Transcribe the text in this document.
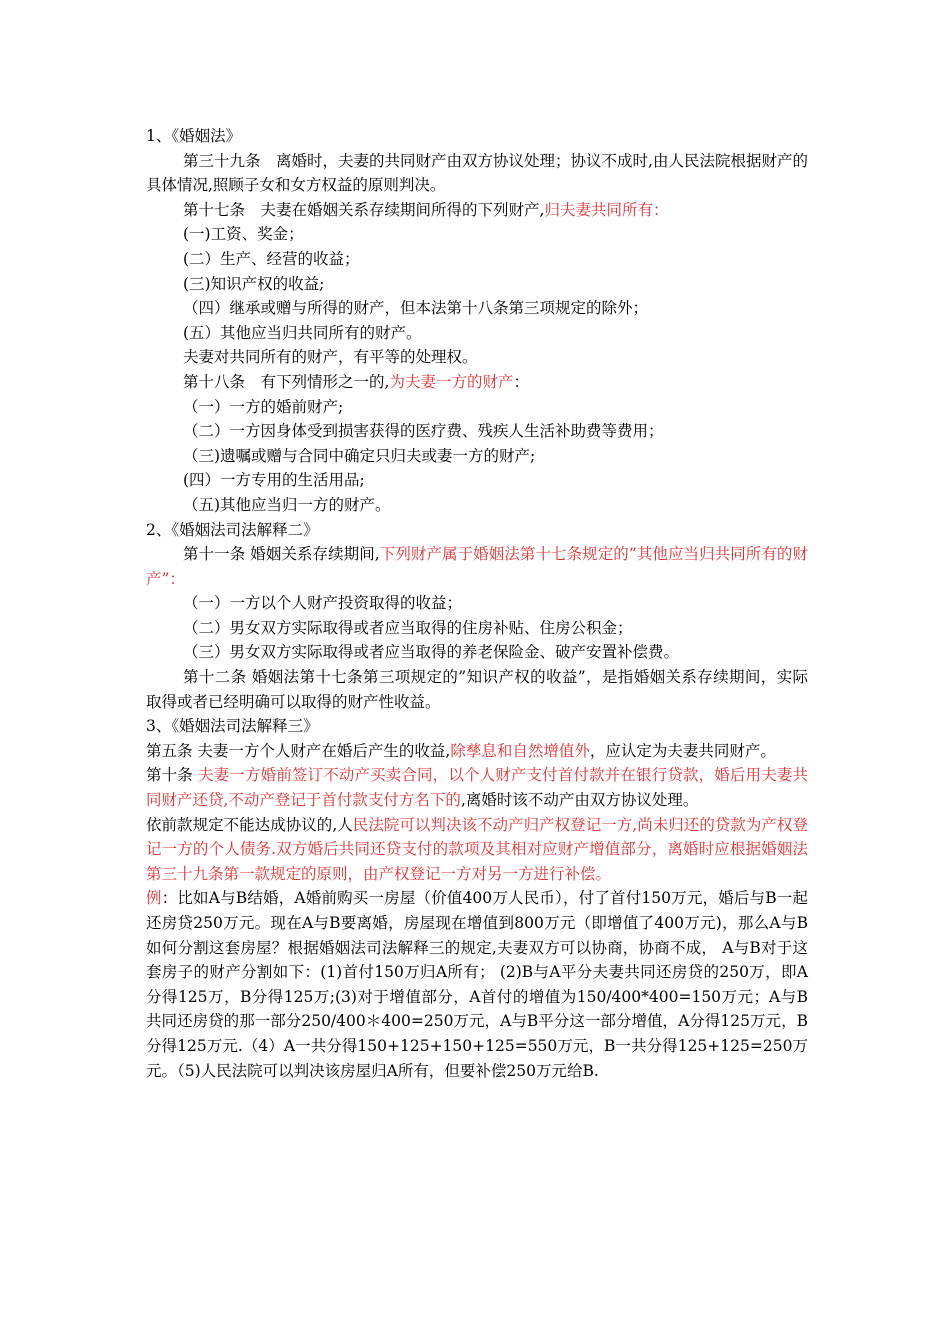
1、《婚姻法》

第三十九条　离婚时，夫妻的共同财产由双方协议处理；协议不成时,由人民法院根据财产的具体情况,照顾子女和女方权益的原则判决。

第十七条　夫妻在婚姻关系存续期间所得的下列财产,归夫妻共同所有：

(一)工资、奖金；

(二）生产、经营的收益；

(三)知识产权的收益;

（四）继承或赠与所得的财产，但本法第十八条第三项规定的除外；

(五）其他应当归共同所有的财产。

夫妻对共同所有的财产，有平等的处理权。

第十八条　有下列情形之一的,为夫妻一方的财产：

（一）一方的婚前财产;

（二）一方因身体受到损害获得的医疗费、残疾人生活补助费等费用；

（三)遗嘱或赠与合同中确定只归夫或妻一方的财产;

(四）一方专用的生活用品;

（五)其他应当归一方的财产。

2、《婚姻法司法解释二》

第十一条 婚姻关系存续期间,下列财产属于婚姻法第十七条规定的”其他应当归共同所有的财产”：

（一）一方以个人财产投资取得的收益；

（二）男女双方实际取得或者应当取得的住房补贴、住房公积金；

（三）男女双方实际取得或者应当取得的养老保险金、破产安置补偿费。

第十二条 婚姻法第十七条第三项规定的”知识产权的收益”，是指婚姻关系存续期间，实际取得或者已经明确可以取得的财产性收益。

3、《婚姻法司法解释三》

第五条 夫妻一方个人财产在婚后产生的收益,除孳息和自然增值外，应认定为夫妻共同财产。

第十条 夫妻一方婚前签订不动产买卖合同，以个人财产支付首付款并在银行贷款，婚后用夫妻共同财产还贷,不动产登记于首付款支付方名下的,离婚时该不动产由双方协议处理。

依前款规定不能达成协议的,人民法院可以判决该不动产归产权登记一方,尚未归还的贷款为产权登记一方的个人债务.双方婚后共同还贷支付的款项及其相对应财产增值部分，离婚时应根据婚姻法第三十九条第一款规定的原则，由产权登记一方对另一方进行补偿。

例：比如A与B结婚，A婚前购买一房屋（价值400万人民币），付了首付150万元，婚后与B一起还房贷250万元。现在A与B要离婚，房屋现在增值到800万元（即增值了400万元)，那么A与B如何分割这套房屋？根据婚姻法司法解释三的规定,夫妻双方可以协商，协商不成， A与B对于这套房子的财产分割如下：(1)首付150万归A所有； (2)B与A平分夫妻共同还房贷的250万，即A分得125万，B分得125万;(3)对于增值部分，A首付的增值为150/400*400=150万元；A与B共同还房贷的那一部分250/400＊400=250万元，A与B平分这一部分增值，A分得125万元，B分得125万元.（4）A一共分得150+125+150+125=550万元，B一共分得125+125=250万元。（5)人民法院可以判决该房屋归A所有，但要补偿250万元给B.
